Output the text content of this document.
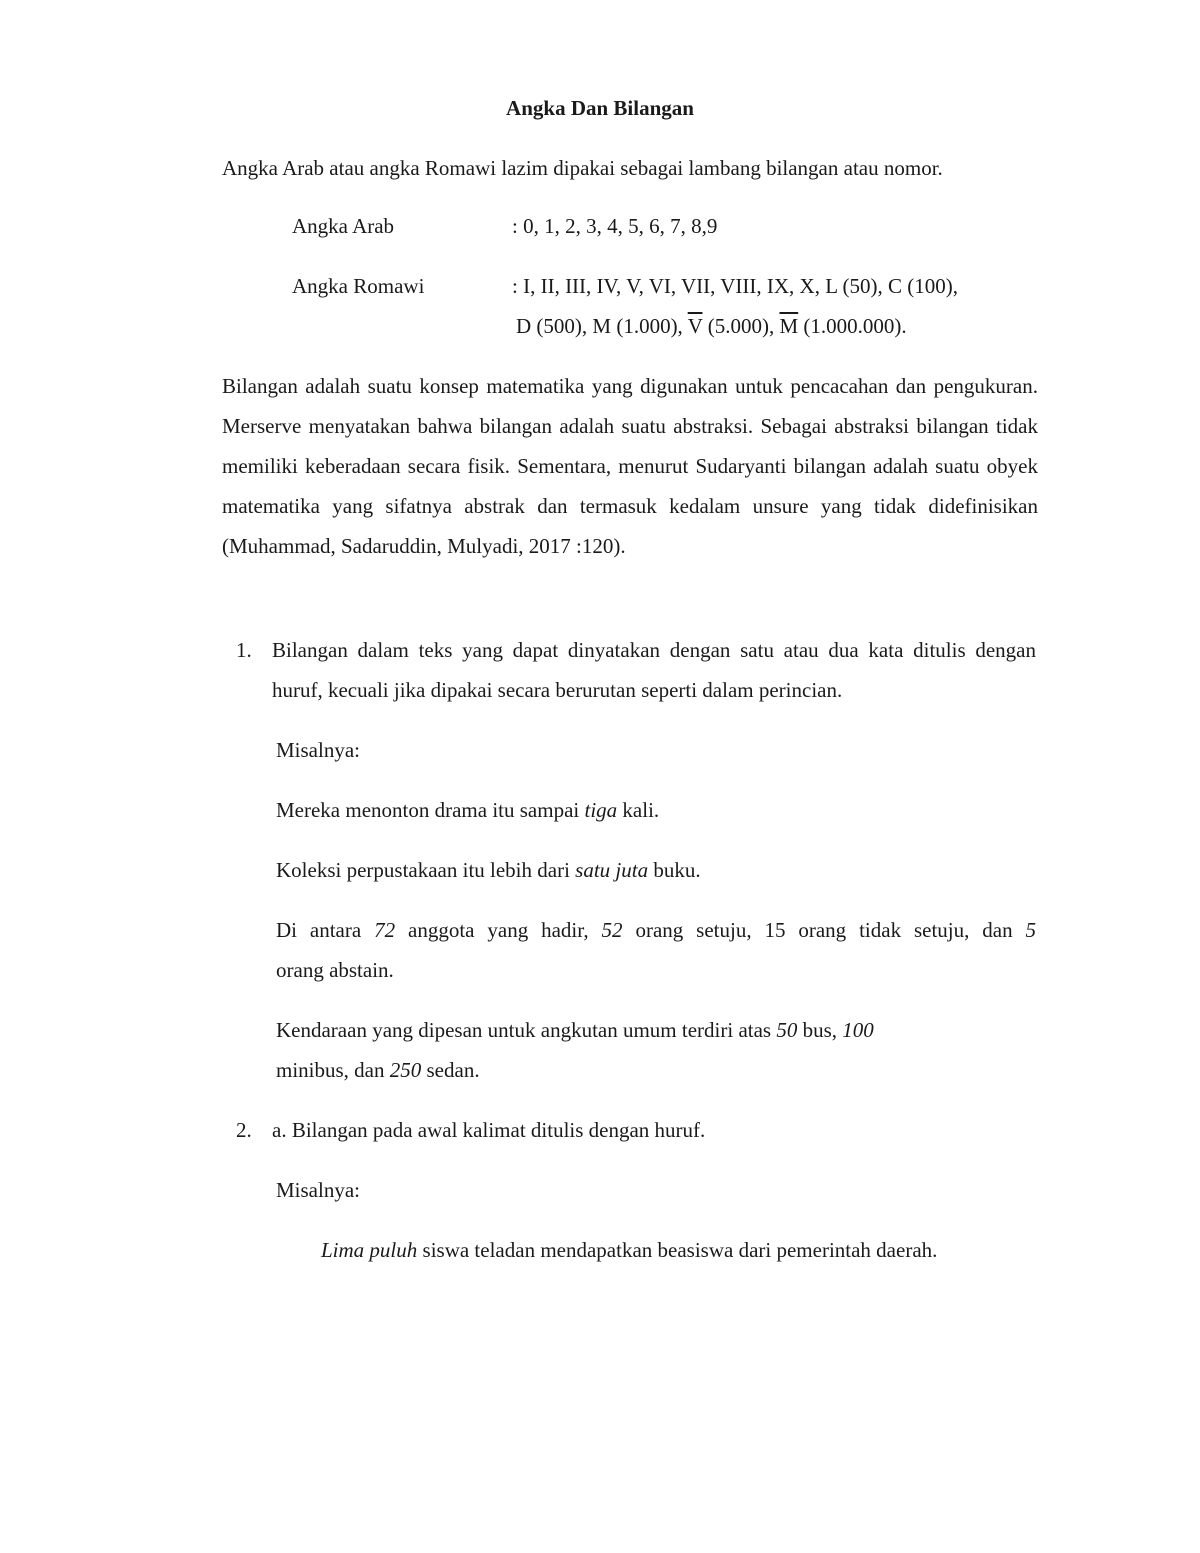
Angka Dan Bilangan

Angka Arab atau angka Romawi lazim dipakai sebagai lambang bilangan atau nomor.

Angka Arab	: 0, 1, 2, 3, 4, 5, 6, 7, 8,9
Angka Romawi	: I, II, III, IV, V, VI, VII, VIII, IX, X, L (50), C (100),
D (500), M (1.000), $\overline{V}$ (5.000), $\overline{M}$ (1.000.000).

Bilangan adalah suatu konsep matematika yang digunakan untuk pencacahan dan pengukuran. Merserve menyatakan bahwa bilangan adalah suatu abstraksi. Sebagai abstraksi bilangan tidak memiliki keberadaan secara fisik. Sementara, menurut Sudaryanti bilangan adalah suatu obyek matematika yang sifatnya abstrak dan termasuk kedalam unsure yang tidak didefinisikan (Muhammad, Sadaruddin, Mulyadi, 2017 :120).

1. Bilangan dalam teks yang dapat dinyatakan dengan satu atau dua kata ditulis dengan huruf, kecuali jika dipakai secara berurutan seperti dalam perincian.

Misalnya:
Mereka menonton drama itu sampai tiga kali.
Koleksi perpustakaan itu lebih dari satu juta buku.
Di antara 72 anggota yang hadir, 52 orang setuju, 15 orang tidak setuju, dan 5
orang abstain.
Kendaraan yang dipesan untuk angkutan umum terdiri atas 50 bus, 100
minibus, dan 250 sedan.
2. a. Bilangan pada awal kalimat ditulis dengan huruf.
Misalnya:
Lima puluh siswa teladan mendapatkan beasiswa dari pemerintah daerah.
